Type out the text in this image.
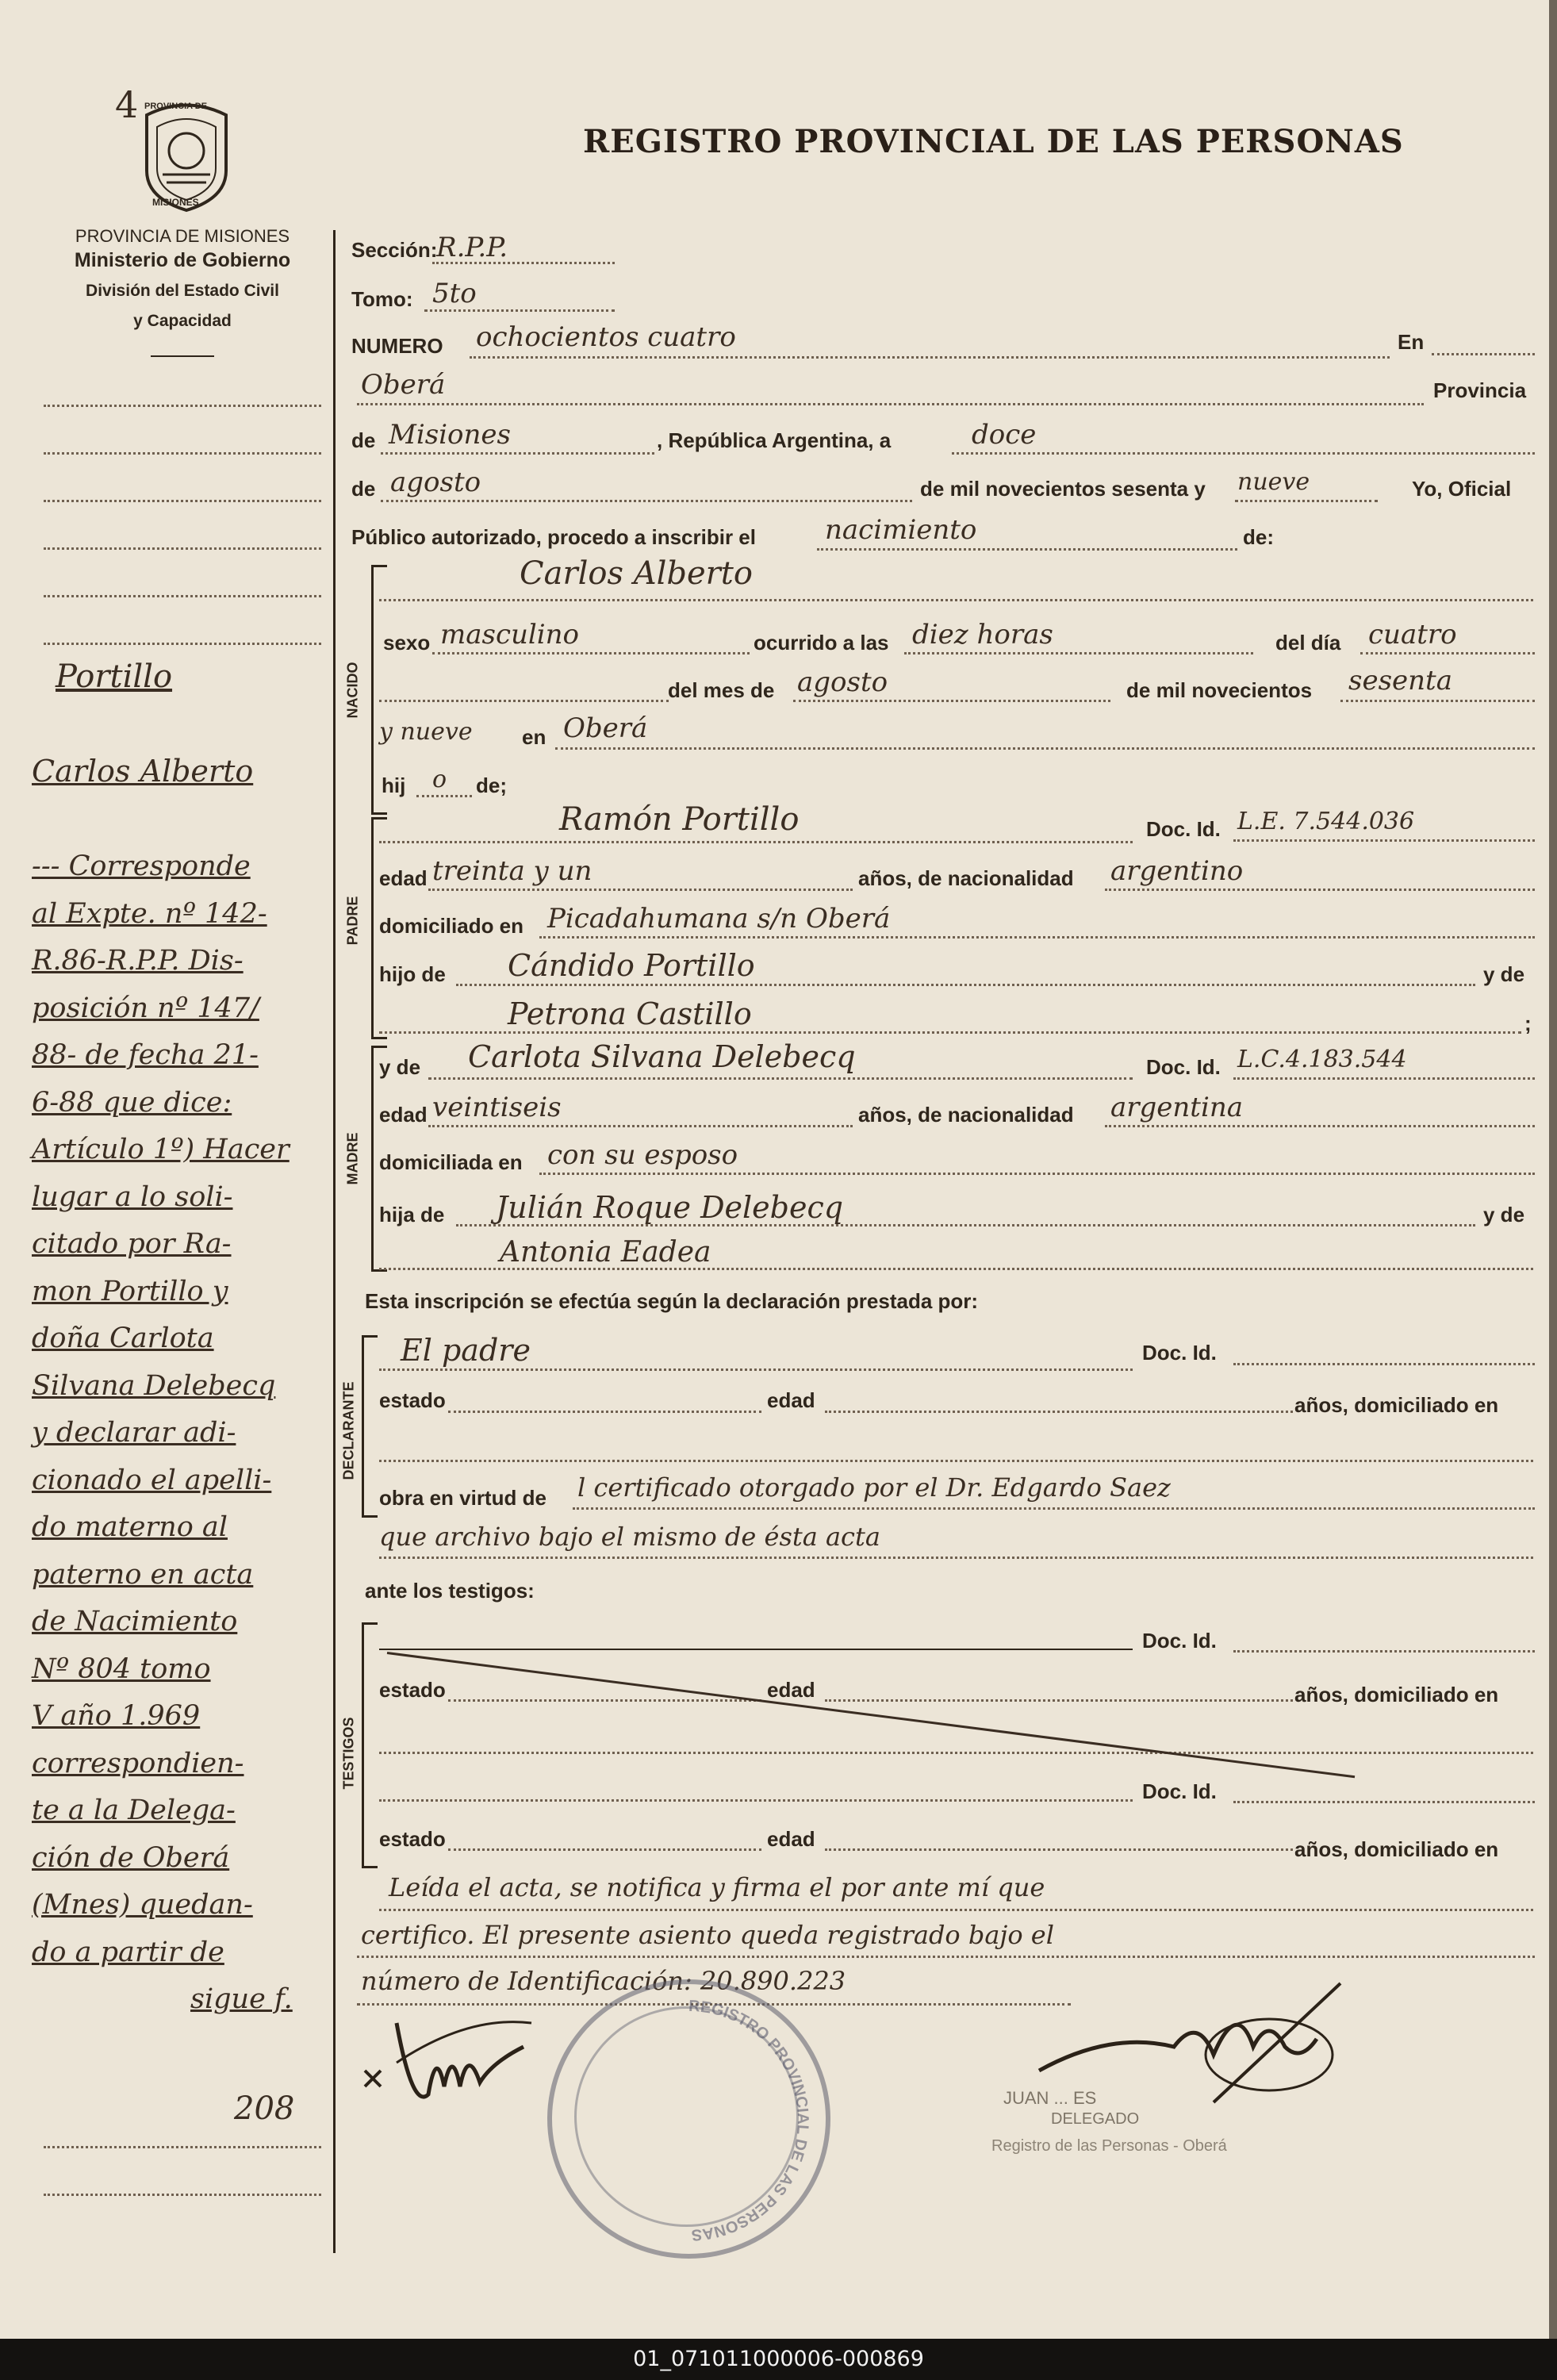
4 PROVINCIA DE
MISIONES
PROVINCIA DE MISIONES
Ministerio de Gobierno
División del Estado Civil
y Capacidad
REGISTRO PROVINCIAL DE LAS PERSONAS
Portillo
Carlos Alberto
--- Corresponde
al Expte. nº 142-
R.86-R.P.P. Dis-
posición nº 147/
88- de fecha 21-
6-88 que dice:
Artículo 1º) Hacer
lugar a lo soli-
citado por Ra-
mon Portillo y
doña Carlota
Silvana Delebecq
y declarar adi-
cionado el apelli-
do materno al
paterno en acta
de Nacimiento
Nº 804 tomo
V año 1.969
correspondien-
te a la Delega-
ción de Oberá
(Mnes) quedan-
do a partir de
sigue f.
208
Sección:
R.P.P.
Tomo: 5to
NUMERO ochocientos cuatro	En
Oberá	Provincia
de Misiones	, República Argentina, a	doce
de agosto	de mil novecientos sesenta y nueve	Yo, Oficial
Público autorizado, procedo a inscribir el	nacimiento	de:
NACIDO
Carlos Alberto
sexo masculino	ocurrido a las diez horas	del día cuatro
del mes de agosto	de mil novecientos sesenta
y nueve en Oberá
hij o de;
PADRE
Ramón Portillo	Doc. Id. L.E. 7.544.036
edad treinta y un	años, de nacionalidad argentino
domiciliado en Picadahumana s/n Oberá
hijo de Cándido Portillo	y de
Petrona Castillo	;
MADRE
y de Carlota Silvana Delebecq	Doc. Id. L.C.4.183.544
edad veintiseis	años, de nacionalidad argentina
domiciliada en con su esposo
hija de Julián Roque Delebecq	y de
Antonia Eadea
Esta inscripción se efectúa según la declaración prestada por:
DECLARANTE
El padre	Doc. Id.
estado	edad	años, domiciliado en
obra en virtud de l certificado otorgado por el Dr. Edgardo Saez
que archivo bajo el mismo de ésta acta
ante los testigos:
TESTIGOS
Doc. Id.
estado	edad	años, domiciliado en
Doc. Id.
estado	edad	años, domiciliado en
Leída el acta, se notifica y firma el por ante mí que
certifico. El presente asiento queda registrado bajo el
número de Identificación: 20.890.223
REGISTRO PROVINCIAL DE LAS PERSONAS
JUAN ... ES
DELEGADO
Registro de las Personas - Oberá
01_071011000006-000869
